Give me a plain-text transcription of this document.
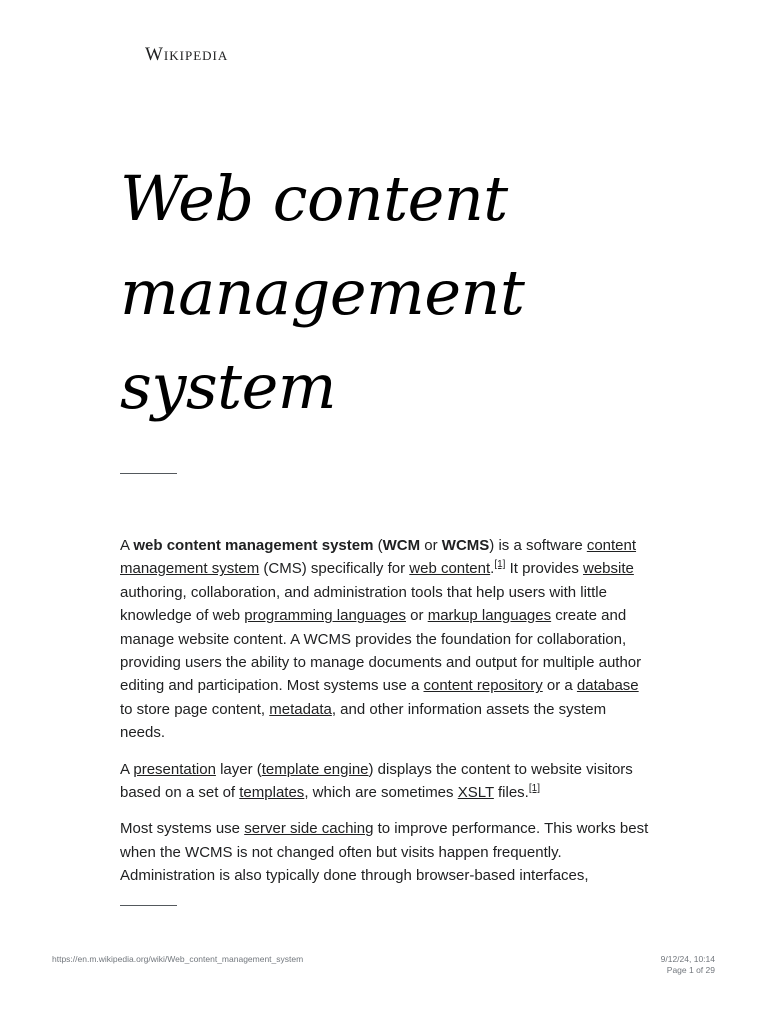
Wikipedia
Web content management system

A web content management system (WCM or WCMS) is a software content management system (CMS) specifically for web content.[1] It provides website authoring, collaboration, and administration tools that help users with little knowledge of web programming languages or markup languages create and manage website content. A WCMS provides the foundation for collaboration, providing users the ability to manage documents and output for multiple author editing and participation. Most systems use a content repository or a database to store page content, metadata, and other information assets the system needs.

A presentation layer (template engine) displays the content to website visitors based on a set of templates, which are sometimes XSLT files.[1]

Most systems use server side caching to improve performance. This works best when the WCMS is not changed often but visits happen frequently. Administration is also typically done through browser-based interfaces,

https://en.m.wikipedia.org/wiki/Web_content_management_system	9/12/24, 10:14
Page 1 of 29
